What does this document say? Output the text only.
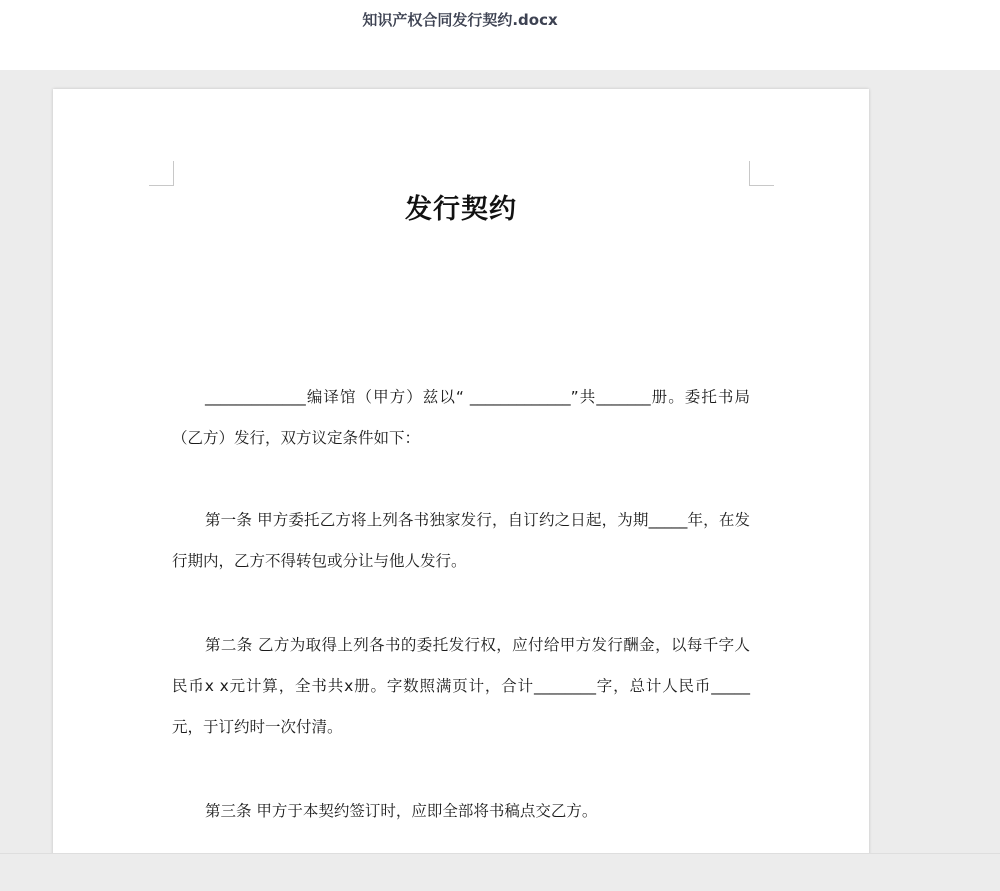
知识产权合同发行契约.docx
发行契约
_____________编译馆（甲方）兹以“ _____________”共_______册。委托书局（乙方）发行，双方议定条件如下：
第一条 甲方委托乙方将上列各书独家发行，自订约之日起，为期_____年，在发行期内，乙方不得转包或分让与他人发行。
第二条 乙方为取得上列各书的委托发行权，应付给甲方发行酬金，以每千字人民币x x元计算，全书共x册。字数照满页计，合计________字，总计人民币_____元，于订约时一次付清。
第三条 甲方于本契约签订时，应即全部将书稿点交乙方。
